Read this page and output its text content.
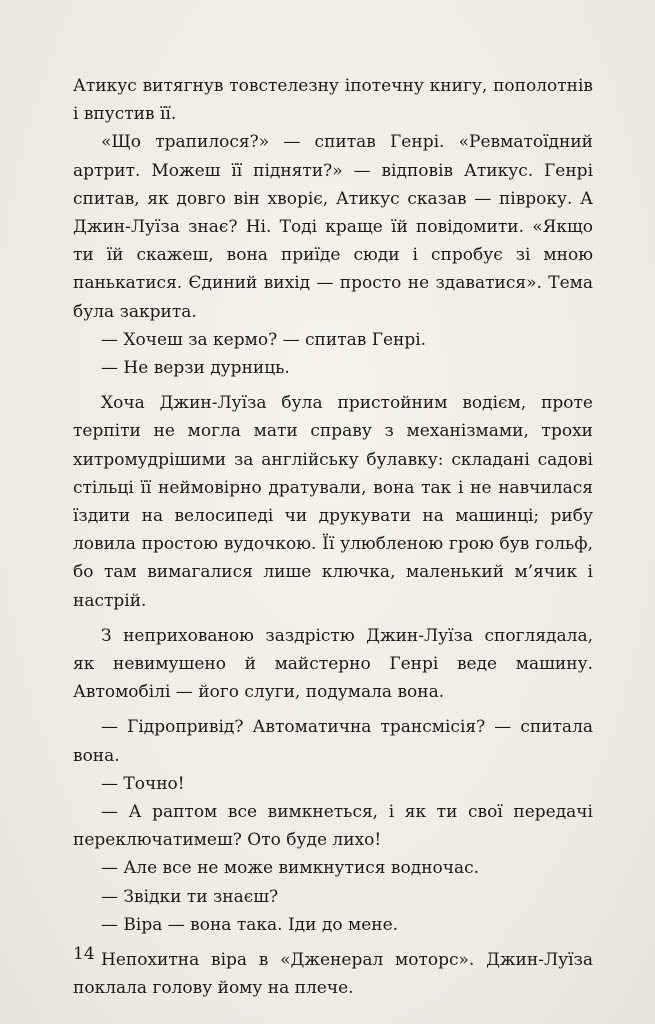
Атикус витягнув товстелезну іпотечну книгу, пополотнів і впустив її.

«Що трапилося?» — спитав Генрі. «Ревматоїдний артрит. Можеш її підняти?» — відповів Атикус. Генрі спитав, як довго він хворіє, Атикус сказав — півроку. А Джин-Луїза знає? Ні. Тоді краще їй повідомити. «Якщо ти їй скажеш, вона приїде сюди і спробує зі мною панькатися. Єдиний вихід — просто не здаватися». Тема була закрита.

— Хочеш за кермо? — спитав Генрі.

— Не верзи дурниць.

Хоча Джин-Луїза була пристойним водієм, проте терпіти не могла мати справу з механізмами, трохи хитромудрішими за англійську булавку: складані садові стільці її неймовірно дратували, вона так і не навчилася їздити на велосипеді чи друкувати на машинці; рибу ловила простою вудочкою. Її улюбленою грою був гольф, бо там вимагалися лише ключка, маленький м’ячик і настрій.

З неприхованою заздрістю Джин-Луїза споглядала, як невимушено й майстерно Генрі веде машину. Автомобілі — його слуги, подумала вона.

— Гідропривід? Автоматична трансмісія? — спитала вона.

— Точно!

— А раптом все вимкнеться, і як ти свої передачі переключатимеш? Ото буде лихо!

— Але все не може вимкнутися водночас.

— Звідки ти знаєш?

— Віра — вона така. Іди до мене.

Непохитна віра в «Дженерал моторс». Джин-Луїза поклала голову йому на плече.

14
